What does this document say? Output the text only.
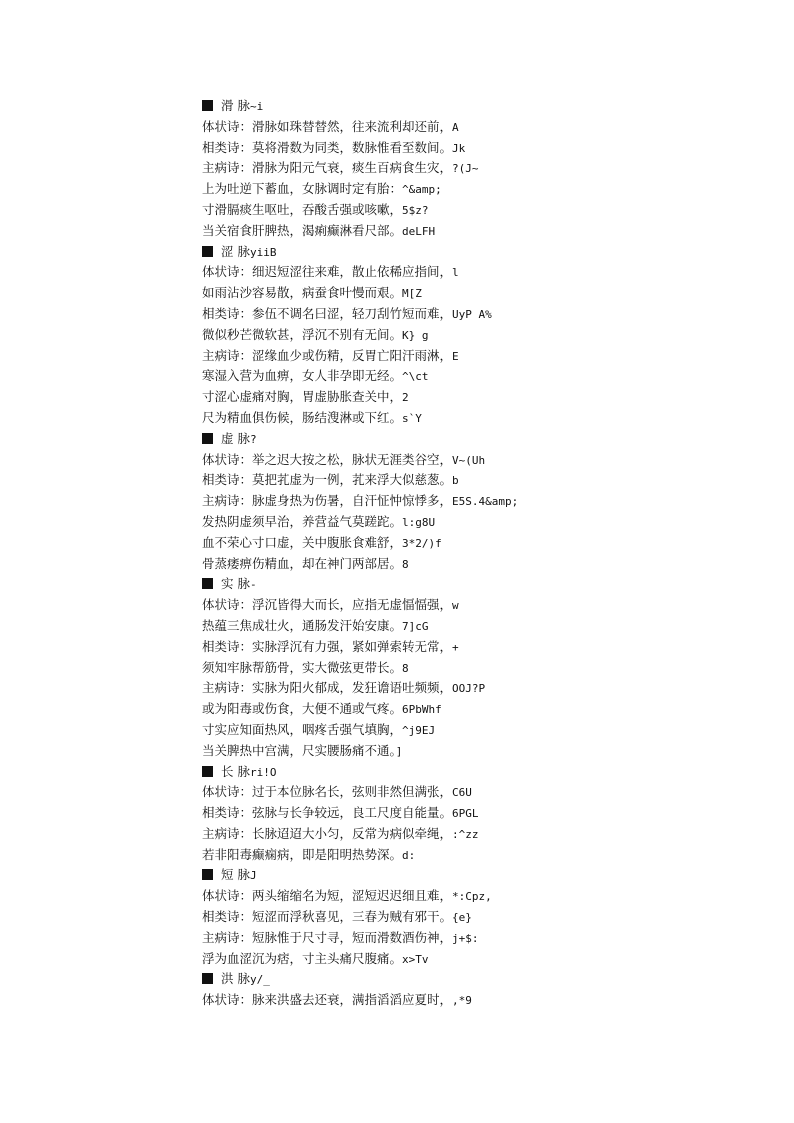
滑 脉~i
体状诗：滑脉如珠替替然，往来流利却还前，A
相类诗：莫将滑数为同类，数脉惟看至数间。Jk
主病诗：滑脉为阳元气衰，痰生百病食生灾，?(J~
上为吐逆下蓄血，女脉调时定有胎：^&amp;
寸滑膈痰生呕吐，吞酸舌强或咳嗽，5$z?
当关宿食肝脾热，渴痢癫淋看尺部。deLFH
涩 脉yiiB
体状诗：细迟短涩往来难，散止依稀应指间，l
如雨沾沙容易散，病蚕食叶慢而艰。M[Z
相类诗：参伍不调名曰涩，轻刀刮竹短而难，UyP A%
微似秒芒微软甚，浮沉不别有无间。K} g
主病诗：涩缘血少或伤精，反胃亡阳汗雨淋，E
寒湿入营为血痹，女人非孕即无经。^\ct
寸涩心虚痛对胸，胃虚胁胀查关中，2
尺为精血俱伤候，肠结溲淋或下红。s`Y
虚 脉?
体状诗：举之迟大按之松，脉状无涯类谷空，V~(Uh
相类诗：莫把芤虚为一例，芤来浮大似慈葱。b
主病诗：脉虚身热为伤暑，自汗怔忡惊悸多，E5S.4&amp;
发热阴虚须早治，养营益气莫蹉跎。l:g8U
血不荣心寸口虚，关中腹胀食难舒，3*2/)f
骨蒸痿痹伤精血，却在神门两部居。8
实 脉-
体状诗：浮沉皆得大而长，应指无虚愊愊强，w
热蕴三焦成壮火，通肠发汗始安康。7]cG
相类诗：实脉浮沉有力强，紧如弹索转无常，+
须知牢脉帮筋骨，实大微弦更带长。8
主病诗：实脉为阳火郁成，发狂谵语吐频频，OOJ?P
或为阳毒或伤食，大便不通或气疼。6PbWhf
寸实应知面热风，咽疼舌强气填胸，^j9EJ
当关脾热中宫满，尺实腰肠痛不通。]
长 脉ri!O
体状诗：过于本位脉名长，弦则非然但满张，C6U
相类诗：弦脉与长争较远，良工尺度自能量。6PGL
主病诗：长脉迢迢大小匀，反常为病似牵绳，:^zz
若非阳毒癫痫病，即是阳明热势深。d:
短 脉J
体状诗：两头缩缩名为短，涩短迟迟细且难，*:Cpz,
相类诗：短涩而浮秋喜见，三春为贼有邪干。{e}
主病诗：短脉惟于尺寸寻，短而滑数酒伤神，j+$:
浮为血涩沉为痞，寸主头痛尺腹痛。x>Tv
洪 脉y/_
体状诗：脉来洪盛去还衰，满指滔滔应夏时，,*9
